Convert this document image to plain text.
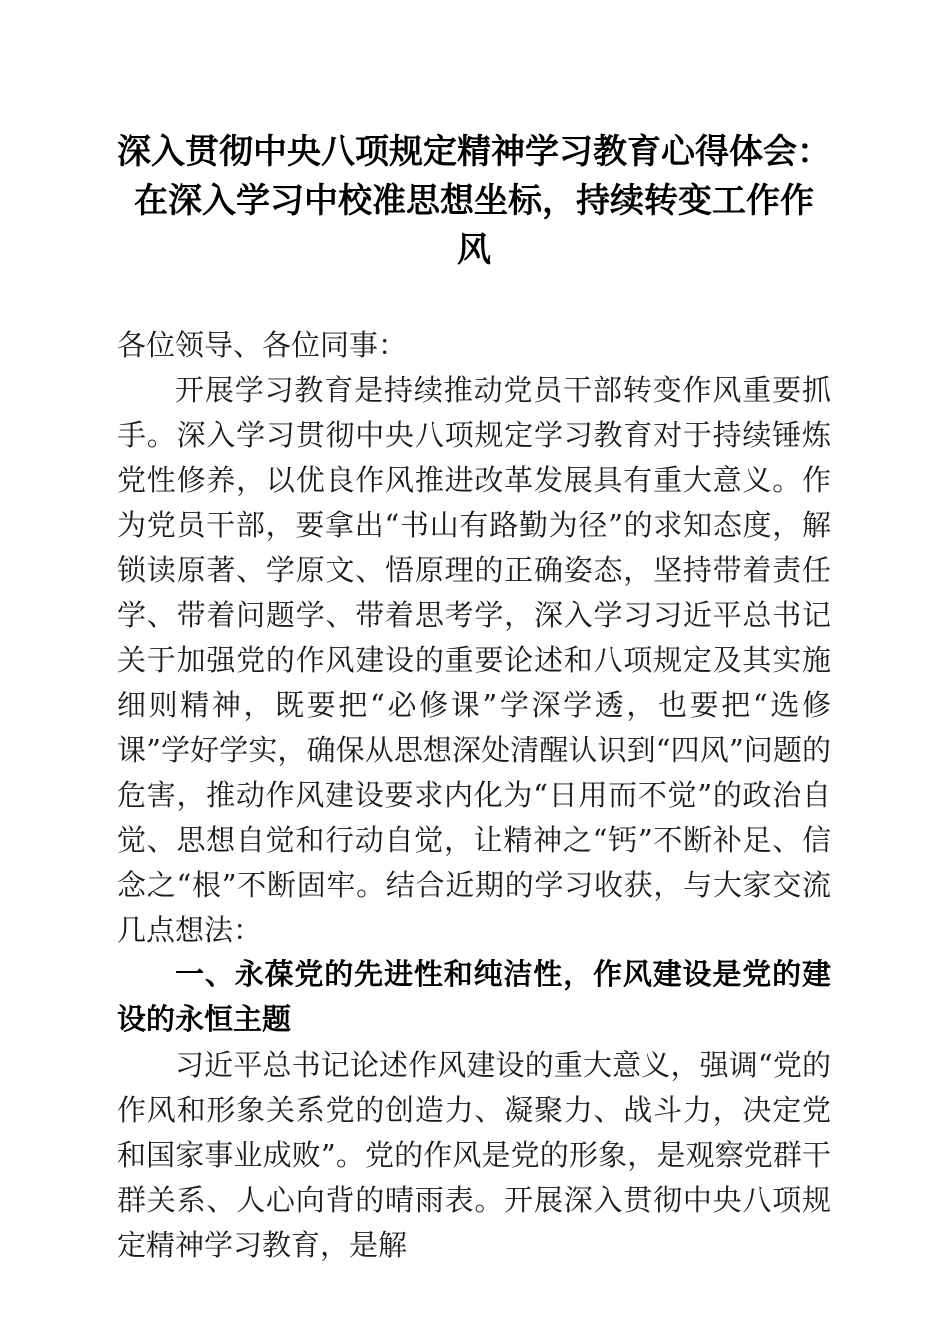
深入贯彻中央八项规定精神学习教育心得体会：
在深入学习中校准思想坐标，持续转变工作作
风

各位领导、各位同事：

开展学习教育是持续推动党员干部转变作风重要抓手。深入学习贯彻中央八项规定学习教育对于持续锤炼党性修养，以优良作风推进改革发展具有重大意义。作为党员干部，要拿出“书山有路勤为径”的求知态度，解锁读原著、学原文、悟原理的正确姿态，坚持带着责任学、带着问题学、带着思考学，深入学习习近平总书记关于加强党的作风建设的重要论述和八项规定及其实施细则精神，既要把“必修课”学深学透，也要把“选修课”学好学实，确保从思想深处清醒认识到“四风”问题的危害，推动作风建设要求内化为“日用而不觉”的政治自觉、思想自觉和行动自觉，让精神之“钙”不断补足、信念之“根”不断固牢。结合近期的学习收获，与大家交流几点想法：

一、永葆党的先进性和纯洁性，作风建设是党的建设的永恒主题

习近平总书记论述作风建设的重大意义，强调“党的作风和形象关系党的创造力、凝聚力、战斗力，决定党和国家事业成败”。党的作风是党的形象，是观察党群干群关系、人心向背的晴雨表。开展深入贯彻中央八项规定精神学习教育，是解
